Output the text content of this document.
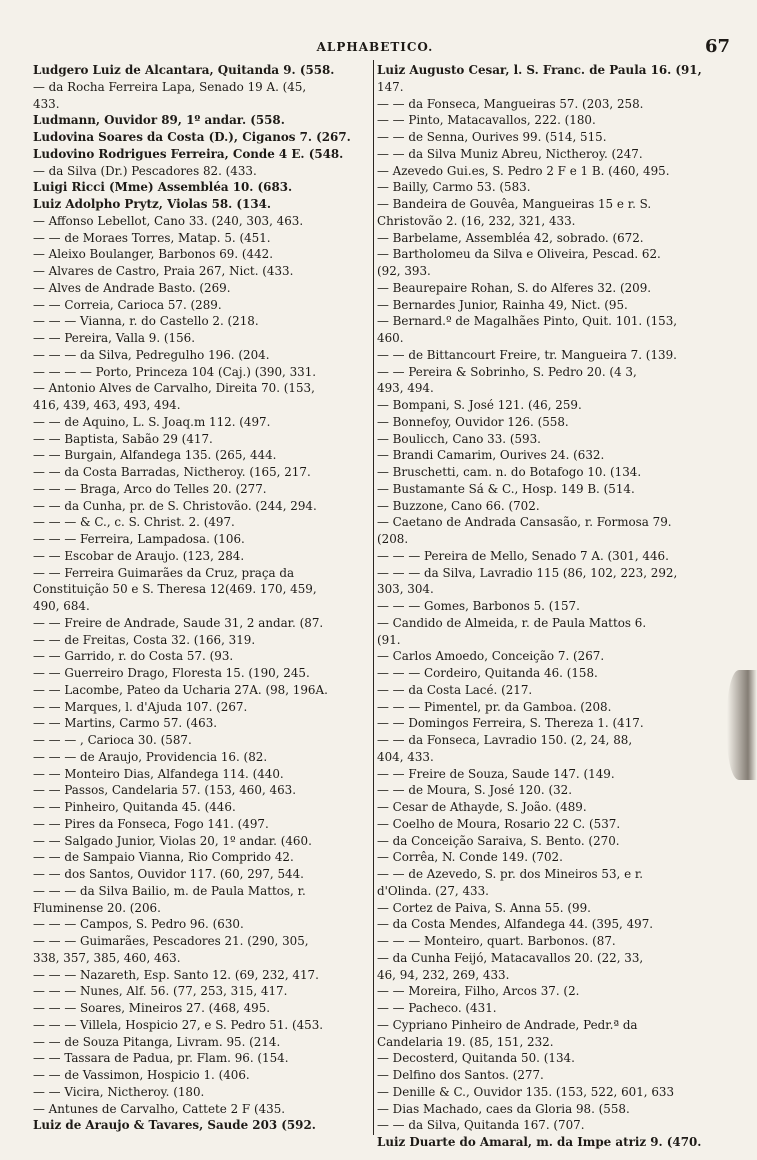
ALPHABETICO.	67
Ludgero Luiz de Alcantara, Quitanda 9. (558.
— da Rocha Ferreira Lapa, Senado 19 A. (45,
433.
Ludmann, Ouvidor 89, 1º andar. (558.
Ludovina Soares da Costa (D.), Ciganos 7. (267.
Ludovino Rodrigues Ferreira, Conde 4 E. (548.
— da Silva (Dr.) Pescadores 82. (433.
Luigi Ricci (Mme) Assembléa 10. (683.
Luiz Adolpho Prytz, Violas 58. (134.
— Affonso Lebellot, Cano 33. (240, 303, 463.
— — de Moraes Torres, Matap. 5. (451.
— Aleixo Boulanger, Barbonos 69. (442.
— Alvares de Castro, Praia 267, Nict. (433.
— Alves de Andrade Basto. (269.
— — Correia, Carioca 57. (289.
— — — Vianna, r. do Castello 2. (218.
— — Pereira, Valla 9. (156.
— — — da Silva, Pedregulho 196. (204.
— — — — Porto, Princeza 104 (Caj.) (390, 331.
— Antonio Alves de Carvalho, Direita 70. (153,
416, 439, 463, 493, 494.
— — de Aquino, L. S. Joaq.m 112. (497.
— — Baptista, Sabão 29 (417.
— — Burgain, Alfandega 135. (265, 444.
— — da Costa Barradas, Nictheroy. (165, 217.
— — — Braga, Arco do Telles 20. (277.
— — da Cunha, pr. de S. Christovão. (244, 294.
— — — & C., c. S. Christ. 2. (497.
— — — Ferreira, Lampadosa. (106.
— — Escobar de Araujo. (123, 284.
— — Ferreira Guimarães da Cruz, praça da
Constituição 50 e S. Theresa 12(469. 170, 459,
490, 684.
— — Freire de Andrade, Saude 31, 2 andar. (87.
— — de Freitas, Costa 32. (166, 319.
— — Garrido, r. do Costa 57. (93.
— — Guerreiro Drago, Floresta 15. (190, 245.
— — Lacombe, Pateo da Ucharia 27A. (98, 196A.
— — Marques, l. d'Ajuda 107. (267.
— — Martins, Carmo 57. (463.
— — — , Carioca 30. (587.
— — — de Araujo, Providencia 16. (82.
— — Monteiro Dias, Alfandega 114. (440.
— — Passos, Candelaria 57. (153, 460, 463.
— — Pinheiro, Quitanda 45. (446.
— — Pires da Fonseca, Fogo 141. (497.
— — Salgado Junior, Violas 20, 1º andar. (460.
— — de Sampaio Vianna, Rio Comprido 42.
— — dos Santos, Ouvidor 117. (60, 297, 544.
— — — da Silva Bailio, m. de Paula Mattos, r.
Fluminense 20. (206.
— — — Campos, S. Pedro 96. (630.
— — — Guimarães, Pescadores 21. (290, 305,
338, 357, 385, 460, 463.
— — — Nazareth, Esp. Santo 12. (69, 232, 417.
— — — Nunes, Alf. 56. (77, 253, 315, 417.
— — — Soares, Mineiros 27. (468, 495.
— — — Villela, Hospicio 27, e S. Pedro 51. (453.
— — de Souza Pitanga, Livram. 95. (214.
— — Tassara de Padua, pr. Flam. 96. (154.
— — de Vassimon, Hospicio 1. (406.
— — Vicira, Nictheroy. (180.
— Antunes de Carvalho, Cattete 2 F (435.
Luiz de Araujo & Tavares, Saude 203 (592.
Luiz Augusto Cesar, l. S. Franc. de Paula 16. (91,
147.
— — da Fonseca, Mangueiras 57. (203, 258.
— — Pinto, Matacavallos, 222. (180.
— — de Senna, Ourives 99. (514, 515.
— — da Silva Muniz Abreu, Nictheroy. (247.
— Azevedo Gui.es, S. Pedro 2 F e 1 B. (460, 495.
— Bailly, Carmo 53. (583.
— Bandeira de Gouvêa, Mangueiras 15 e r. S.
Christovão 2. (16, 232, 321, 433.
— Barbelame, Assembléa 42, sobrado. (672.
— Bartholomeu da Silva e Oliveira, Pescad. 62.
(92, 393.
— Beaurepaire Rohan, S. do Alferes 32. (209.
— Bernardes Junior, Rainha 49, Nict. (95.
— Bernard.º de Magalhães Pinto, Quit. 101. (153,
460.
— — de Bittancourt Freire, tr. Mangueira 7. (139.
— — Pereira & Sobrinho, S. Pedro 20. (4 3,
493, 494.
— Bompani, S. José 121. (46, 259.
— Bonnefoy, Ouvidor 126. (558.
— Boulicch, Cano 33. (593.
— Brandi Camarim, Ourives 24. (632.
— Bruschetti, cam. n. do Botafogo 10. (134.
— Bustamante Sá & C., Hosp. 149 B. (514.
— Buzzone, Cano 66. (702.
— Caetano de Andrada Cansasão, r. Formosa 79.
(208.
— — — Pereira de Mello, Senado 7 A. (301, 446.
— — — da Silva, Lavradio 115 (86, 102, 223, 292,
303, 304.
— — — Gomes, Barbonos 5. (157.
— Candido de Almeida, r. de Paula Mattos 6.
(91.
— Carlos Amoedo, Conceição 7. (267.
— — — Cordeiro, Quitanda 46. (158.
— — da Costa Lacé. (217.
— — — Pimentel, pr. da Gamboa. (208.
— — Domingos Ferreira, S. Thereza 1. (417.
— — da Fonseca, Lavradio 150. (2, 24, 88,
404, 433.
— — Freire de Souza, Saude 147. (149.
— — de Moura, S. José 120. (32.
— Cesar de Athayde, S. João. (489.
— Coelho de Moura, Rosario 22 C. (537.
— da Conceição Saraiva, S. Bento. (270.
— Corrêa, N. Conde 149. (702.
— — de Azevedo, S. pr. dos Mineiros 53, e r.
d'Olinda. (27, 433.
— Cortez de Paiva, S. Anna 55. (99.
— da Costa Mendes, Alfandega 44. (395, 497.
— — — Monteiro, quart. Barbonos. (87.
— da Cunha Feijó, Matacavallos 20. (22, 33,
46, 94, 232, 269, 433.
— — Moreira, Filho, Arcos 37. (2.
— — Pacheco. (431.
— Cypriano Pinheiro de Andrade, Pedr.ª da
Candelaria 19. (85, 151, 232.
— Decosterd, Quitanda 50. (134.
— Delfino dos Santos. (277.
— Denille & C., Ouvidor 135. (153, 522, 601, 633
— Dias Machado, caes da Gloria 98. (558.
— — da Silva, Quitanda 167. (707.
Luiz Duarte do Amaral, m. da Impe atriz 9. (470.
